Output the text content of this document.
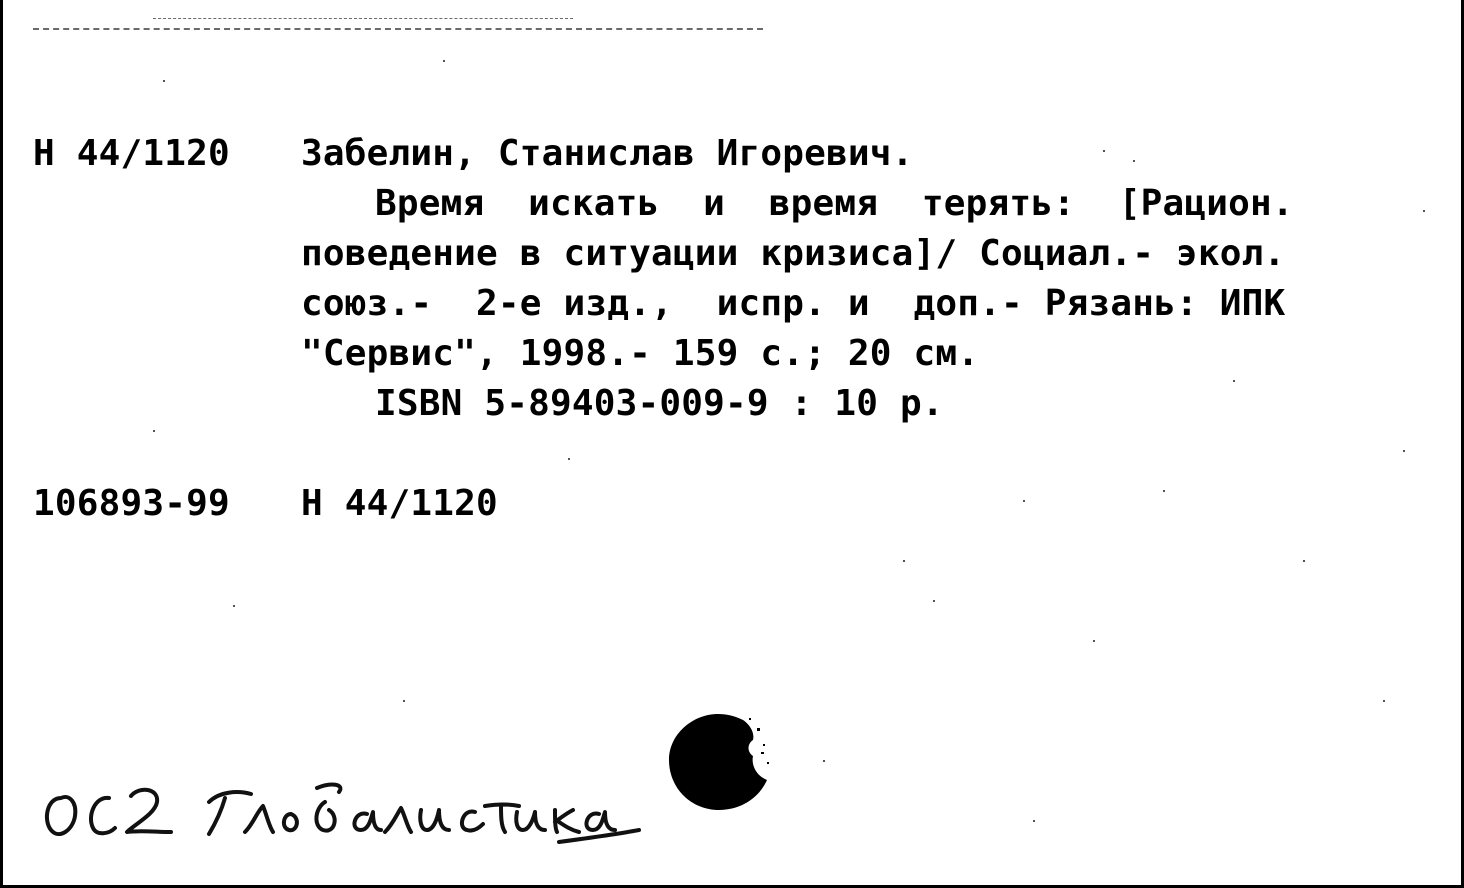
Н 44/1120 Забелин, Станислав Игоревич.
Время  искать  и  время  терять:  [Рацион.
поведение в ситуации кризиса]/ Социал.- экол.
союз.-  2-е изд.,  испр. и  доп.- Рязань: ИПК
"Сервис", 1998.- 159 с.; 20 см.
ISBN 5-89403-009-9 : 10 р.
106893-99 Н 44/1120
